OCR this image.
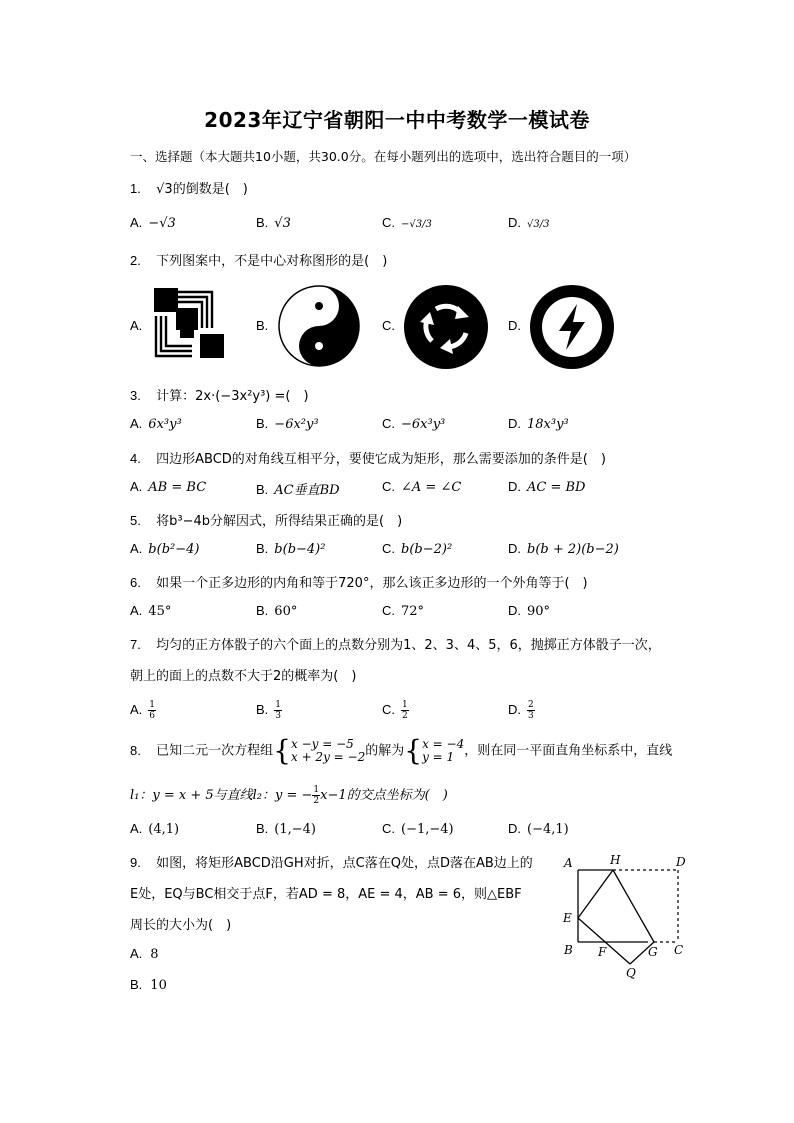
2023年辽宁省朝阳一中中考数学一模试卷
一、选择题（本大题共10小题，共30.0分。在每小题列出的选项中，选出符合题目的一项）
1. √3的倒数是(　)
A. −√3	B. √3	C. −√3/3	D. √3/3
2. 下列图案中，不是中心对称图形的是(　)
A.	B.	C.	D.
3. 计算：2x·(−3x²y³) =(　)
A. 6x³y³	B. −6x²y³	C. −6x³y³	D. 18x³y³
4. 四边形ABCD的对角线互相平分，要使它成为矩形，那么需要添加的条件是(　)
A. AB = BC	B. AC垂直BD	C. ∠A = ∠C	D. AC = BD
5. 将b³−4b分解因式，所得结果正确的是(　)
A. b(b²−4)	B. b(b−4)²	C. b(b−2)²	D. b(b + 2)(b−2)
6. 如果一个正多边形的内角和等于720°，那么该正多边形的一个外角等于(　)
A. 45°	B. 60°	C. 72°	D. 90°
7. 均匀的正方体骰子的六个面上的点数分别为1、2、3、4、5，6，抛掷正方体骰子一次，
朝上的面上的点数不大于2的概率为(　)
A. $\frac{1}{6}$	B. $\frac{1}{3}$	C. $\frac{1}{2}$	D. $\frac{2}{3}$
8. 已知二元一次方程组{ x −y = −5
x + 2y = −2 的解为{ x = −4
y = 1 ，则在同一平面直角坐标系中，直线
l₁：y = x + 5与直线l₂：y = − $\frac{1}{2} x-1$的交点坐标为(　)
A. (4,1)	B. (1,−4)	C. (−1,−4)	D. (−4,1)
9. 如图，将矩形ABCD沿GH对折，点C落在Q处，点D落在AB边上的
E处，EQ与BC相交于点F，若AD = 8，AE = 4，AB = 6，则△EBF
周长的大小为(　)
A. 8
B. 10
A	H	D
E
B F	G C
Q
